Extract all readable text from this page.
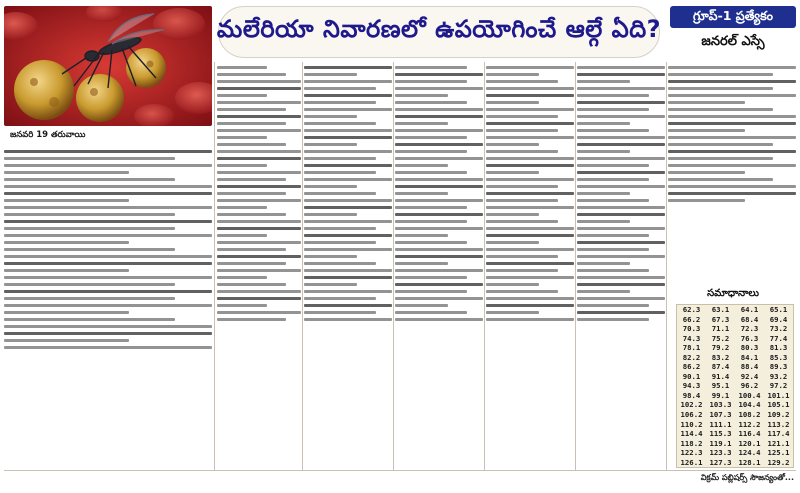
జనవరి 19 తరువాయి
మలేరియా నివారణలో ఉపయోగించే ఆల్గే ఏది?	గ్రూప్-1 ప్రత్యేకం
జనరల్ ఎస్సే
సమాధానాలు
62.3	63.1	64.1	65.1
66.2	67.3	68.4	69.4
70.3	71.1	72.3	73.2
74.3	75.2	76.3	77.4
78.1	79.2	80.3	81.3
82.2	83.2	84.1	85.3
86.2	87.4	88.4	89.3
90.1	91.4	92.4	93.2
94.3	95.1	96.2	97.2
98.4	99.1	100.4	101.1
102.2	103.3	104.4	105.1
106.2	107.3	108.2	109.2
110.2	111.1	112.2	113.2
114.4	115.3	116.4	117.4
118.2	119.1	120.1	121.1
122.3	123.3	124.4	125.1
126.1	127.3	128.1	129.2
విక్రమ్ పబ్లిషర్స్ సౌజన్యంతో...
